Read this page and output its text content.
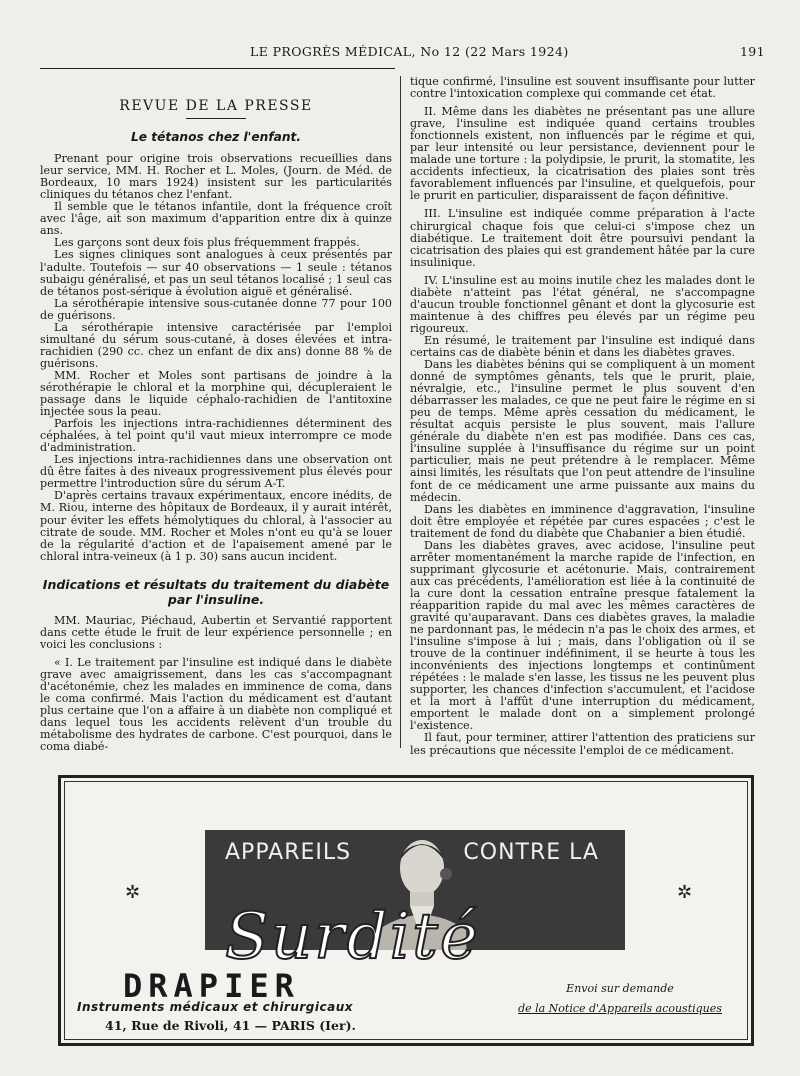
LE PROGRÈS MÉDICAL, No 12 (22 Mars 1924)	191
REVUE DE LA PRESSE
Le tétanos chez l'enfant.

Prenant pour origine trois observations recueillies dans leur service, MM. H. Rocher et L. Moles, (Journ. de Méd. de Bordeaux, 10 mars 1924) insistent sur les particularités cliniques du tétanos chez l'enfant.

Il semble que le tétanos infantile, dont la fréquence croît avec l'âge, ait son maximum d'apparition entre dix à quinze ans.

Les garçons sont deux fois plus fréquemment frappés.

Les signes cliniques sont analogues à ceux présentés par l'adulte. Toutefois — sur 40 observations — 1 seule : tétanos subaigu généralisé, et pas un seul tétanos localisé ; 1 seul cas de tétanos post-sérique à évolution aiguë et généralisé.

La sérothérapie intensive sous-cutanée donne 77 pour 100 de guérisons.

La sérothérapie intensive caractérisée par l'emploi simultané du sérum sous-cutané, à doses élevées et intra-rachidien (290 cc. chez un enfant de dix ans) donne 88 % de guérisons.

MM. Rocher et Moles sont partisans de joindre à la sérothérapie le chloral et la morphine qui, décupleraient le passage dans le liquide céphalo-rachidien de l'antitoxine injectée sous la peau.

Parfois les injections intra-rachidiennes déterminent des céphalées, à tel point qu'il vaut mieux interrompre ce mode d'administration.

Les injections intra-rachidiennes dans une observation ont dû être faites à des niveaux progressivement plus élevés pour permettre l'introduction sûre du sérum A-T.

D'après certains travaux expérimentaux, encore inédits, de M. Riou, interne des hôpitaux de Bordeaux, il y aurait intérêt, pour éviter les effets hémolytiques du chloral, à l'associer au citrate de soude. MM. Rocher et Moles n'ont eu qu'à se louer de la régularité d'action et de l'apaisement amené par le chloral intra-veineux (à 1 p. 30) sans aucun incident.

Indications et résultats du traitement du diabète par l'insuline.

MM. Mauriac, Piéchaud, Aubertin et Servantié rapportent dans cette étude le fruit de leur expérience personnelle ; en voici les conclusions :

« I. Le traitement par l'insuline est indiqué dans le diabète grave avec amaigrissement, dans les cas s'accompagnant d'acétonémie, chez les malades en imminence de coma, dans le coma confirmé. Mais l'action du médicament est d'autant plus certaine que l'on a affaire à un diabète non compliqué et dans lequel tous les accidents relèvent d'un trouble du métabolisme des hydrates de carbone. C'est pourquoi, dans le coma diabé-

tique confirmé, l'insuline est souvent insuffisante pour lutter contre l'intoxication complexe qui commande cet état.

II. Même dans les diabètes ne présentant pas une allure grave, l'insuline est indiquée quand certains troubles fonctionnels existent, non influencés par le régime et qui, par leur intensité ou leur persistance, deviennent pour le malade une torture : la polydipsie, le prurit, la stomatite, les accidents infectieux, la cicatrisation des plaies sont très favorablement influencés par l'insuline, et quelquefois, pour le prurit en particulier, disparaissent de façon définitive.

III. L'insuline est indiquée comme préparation à l'acte chirurgical chaque fois que celui-ci s'impose chez un diabétique. Le traitement doit être poursuivi pendant la cicatrisation des plaies qui est grandement hâtée par la cure insulinique.

IV. L'insuline est au moins inutile chez les malades dont le diabète n'atteint pas l'état général, ne s'accompagne d'aucun trouble fonctionnel gênant et dont la glycosurie est maintenue à des chiffres peu élevés par un régime peu rigoureux.

En résumé, le traitement par l'insuline est indiqué dans certains cas de diabète bénin et dans les diabètes graves.

Dans les diabètes bénins qui se compliquent à un moment donné de symptômes gênants, tels que le prurit, plaie, névralgie, etc., l'insuline permet le plus souvent d'en débarrasser les malades, ce que ne peut faire le régime en si peu de temps. Même après cessation du médicament, le résultat acquis persiste le plus souvent, mais l'allure générale du diabète n'en est pas modifiée. Dans ces cas, l'insuline supplée à l'insuffisance du régime sur un point particulier, mais ne peut prétendre à le remplacer. Même ainsi limités, les résultats que l'on peut attendre de l'insuline font de ce médicament une arme puissante aux mains du médecin.

Dans les diabètes en imminence d'aggravation, l'insuline doit être employée et répétée par cures espacées ; c'est le traitement de fond du diabète que Chabanier a bien étudié.

Dans les diabètes graves, avec acidose, l'insuline peut arrêter momentanément la marche rapide de l'infection, en supprimant glycosurie et acétonurie. Mais, contrairement aux cas précédents, l'amélioration est liée à la continuité de la cure dont la cessation entraîne presque fatalement la réapparition rapide du mal avec les mêmes caractères de gravité qu'auparavant. Dans ces diabètes graves, la maladie ne pardonnant pas, le médecin n'a pas le choix des armes, et l'insuline s'impose à lui ; mais, dans l'obligation où il se trouve de la continuer indéfiniment, il se heurte à tous les inconvénients des injections longtemps et continûment répétées : le malade s'en lasse, les tissus ne les peuvent plus supporter, les chances d'infection s'accumulent, et l'acidose et la mort à l'affût d'une interruption du médicament, emportent le malade dont on a simplement prolongé l'existence.

Il faut, pour terminer, attirer l'attention des praticiens sur les précautions que nécessite l'emploi de ce médicament.

APPAREILS	CONTRE LA
✲	✲
Surdité
DRAPIER
Instruments médicaux et chirurgicaux
41, Rue de Rivoli, 41 — PARIS (Ier).
Envoi sur demande
de la Notice d'Appareils acoustiques
